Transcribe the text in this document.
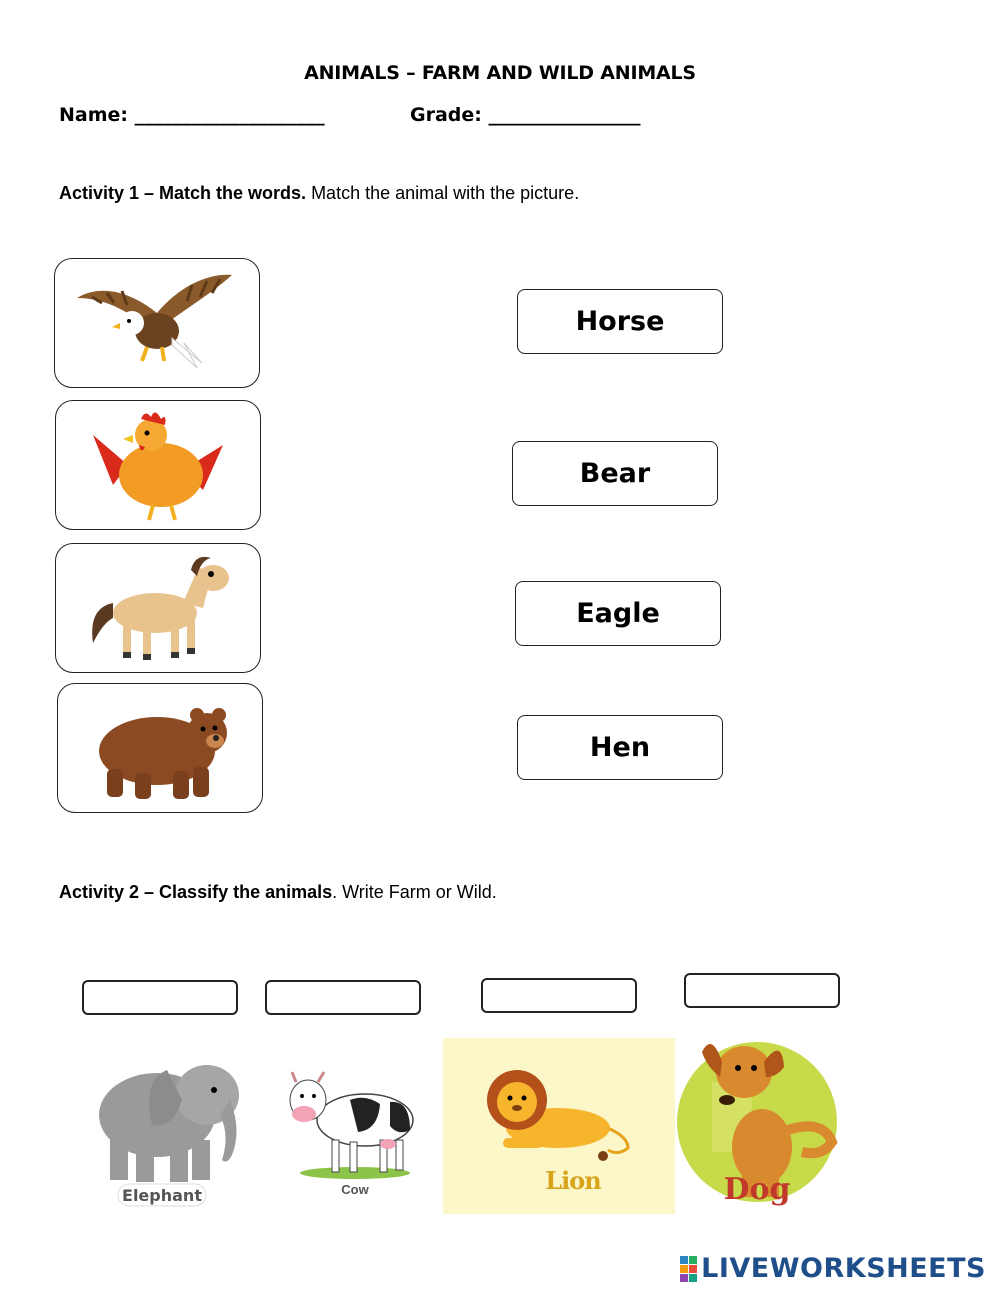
ANIMALS – FARM AND WILD ANIMALS
Name: ____________________	Grade: ________________
Activity 1 – Match the words. Match the animal with the picture.
Horse
Bear
Eagle
Hen
Activity 2 – Classify the animals. Write Farm or Wild.
Elephant	Cow	Lion	Dog
LIVEWORKSHEETS
